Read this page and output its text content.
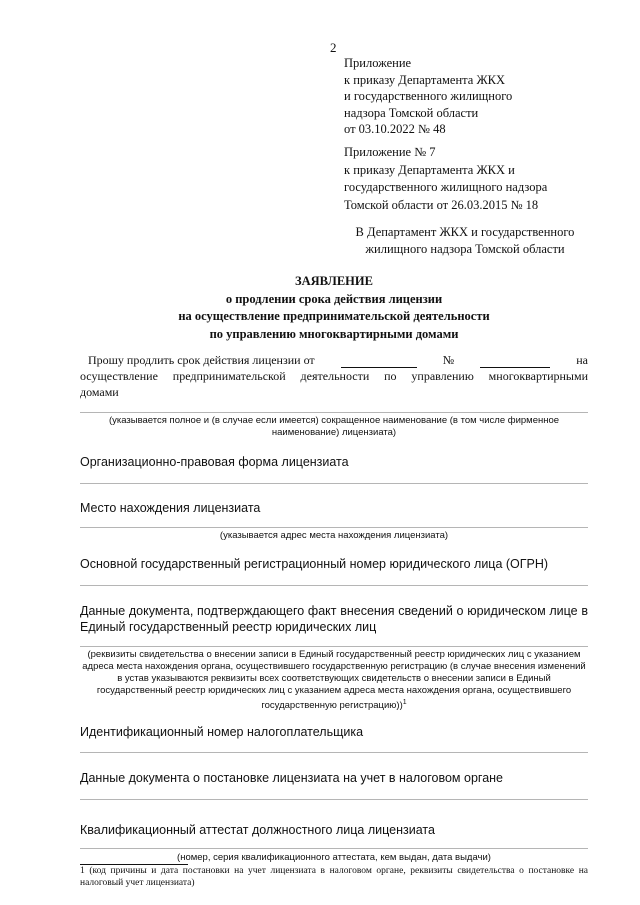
2
Приложение
к приказу Департамента ЖКХ
и государственного жилищного
надзора Томской области
от 03.10.2022 № 48
Приложение № 7
к приказу Департамента ЖКХ и
государственного жилищного надзора
Томской области от 26.03.2015 № 18
В Департамент ЖКХ и государственного
жилищного надзора Томской области
ЗАЯВЛЕНИЕ
о продлении срока действия лицензии
на осуществление предпринимательской деятельности
по управлению многоквартирными домами
Прошу продлить срок действия лицензии от	№	на
осуществление предпринимательской деятельности по управлению многоквартирными
домами
(указывается полное и (в случае если имеется) сокращенное наименование (в том числе фирменное наименование) лицензиата)
Организационно-правовая форма лицензиата
Место нахождения лицензиата
(указывается адрес места нахождения лицензиата)
Основной государственный регистрационный номер юридического лица (ОГРН)
Данные документа, подтверждающего факт внесения сведений о юридическом лице в
Единый государственный реестр юридических лиц
(реквизиты свидетельства о внесении записи в Единый государственный реестр юридических лиц с указанием адреса места нахождения органа, осуществившего государственную регистрацию (в случае внесения изменений в устав указываются реквизиты всех соответствующих свидетельств о внесении записи в Единый государственный реестр юридических лиц с указанием адреса места нахождения органа, осуществившего государственную регистрацию))$^1$
Идентификационный номер налогоплательщика
Данные документа о постановке лицензиата на учет в налоговом органе
Квалификационный аттестат должностного лица лицензиата
(номер, серия квалификационного аттестата, кем выдан, дата выдачи)
1 (код причины и дата постановки на учет лицензиата в налоговом органе, реквизиты свидетельства о постановке на налоговый учет лицензиата)
